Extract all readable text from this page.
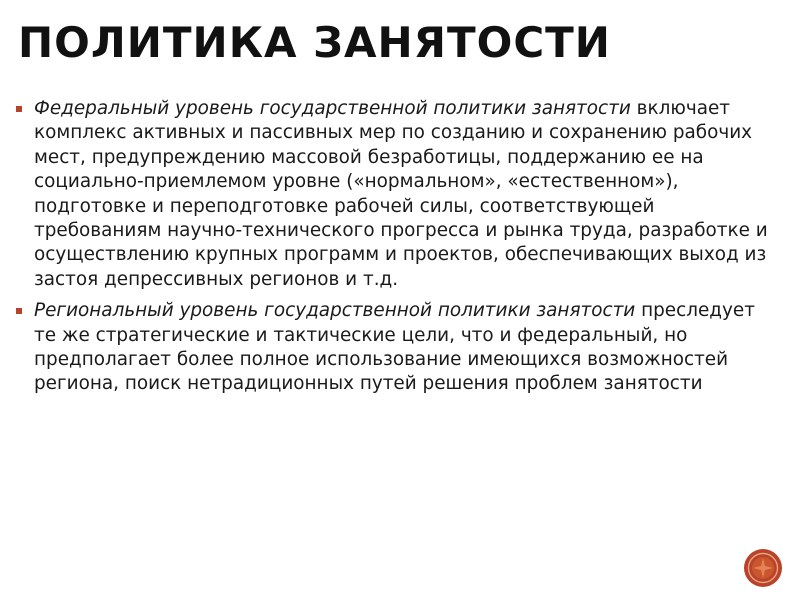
ПОЛИТИКА ЗАНЯТОСТИ
Федеральный уровень государственной политики занятости включает комплекс активных и пассивных мер по созданию и сохранению рабочих мест, предупреждению массовой безработицы, поддержанию ее на социально-приемлемом уровне («нормальном», «естественном»), подготовке и переподготовке рабочей силы, соответствующей требованиям научно-технического прогресса и рынка труда, разработке и осуществлению крупных программ и проектов, обеспечивающих выход из застоя депрессивных регионов и т.д.
Региональный уровень государственной политики занятости преследует те же стратегические и тактические цели, что и федеральный, но предполагает более полное использование имеющихся возможностей региона, поиск нетрадиционных путей решения проблем занятости
